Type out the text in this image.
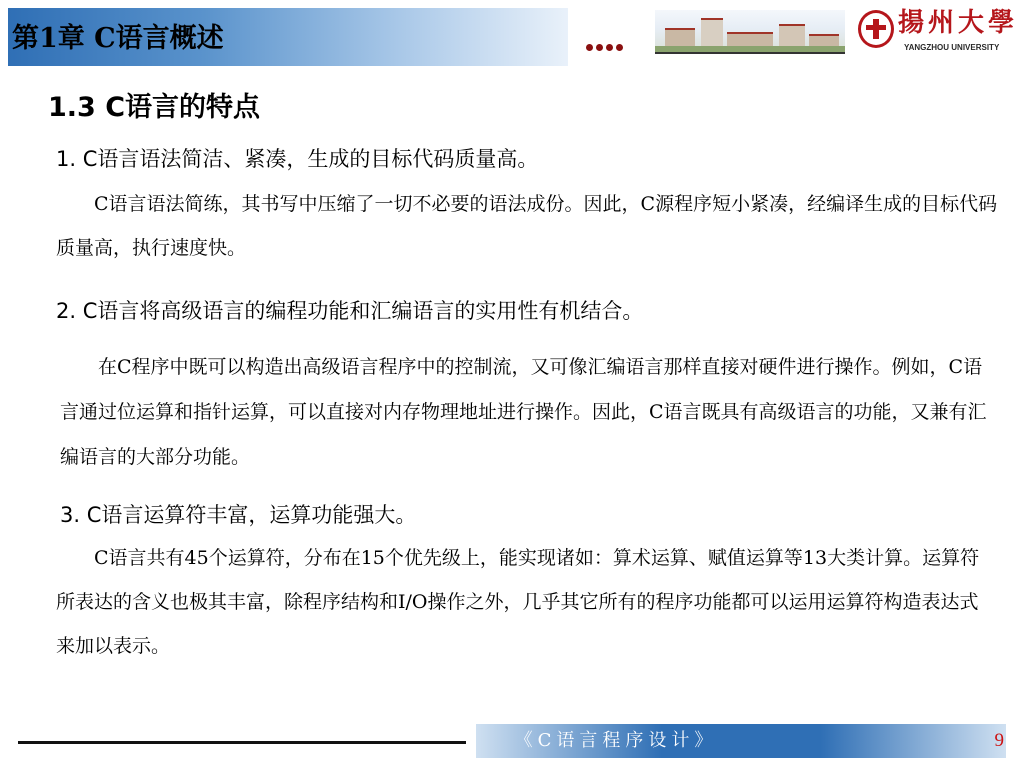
第1章 C语言概述	揚州大學
YANGZHOU UNIVERSITY
1.3 C语言的特点
1. C语言语法简洁、紧凑，生成的目标代码质量高。
C语言语法简练，其书写中压缩了一切不必要的语法成份。因此，C源程序短小紧凑，经编译生成的目标代码质量高，执行速度快。
2. C语言将高级语言的编程功能和汇编语言的实用性有机结合。
在C程序中既可以构造出高级语言程序中的控制流，又可像汇编语言那样直接对硬件进行操作。例如，C语言通过位运算和指针运算，可以直接对内存物理地址进行操作。因此，C语言既具有高级语言的功能，又兼有汇编语言的大部分功能。
3. C语言运算符丰富，运算功能强大。
C语言共有45个运算符，分布在15个优先级上，能实现诸如：算术运算、赋值运算等13大类计算。运算符所表达的含义也极其丰富，除程序结构和I/O操作之外，几乎其它所有的程序功能都可以运用运算符构造表达式来加以表示。
《C语言程序设计》	9
